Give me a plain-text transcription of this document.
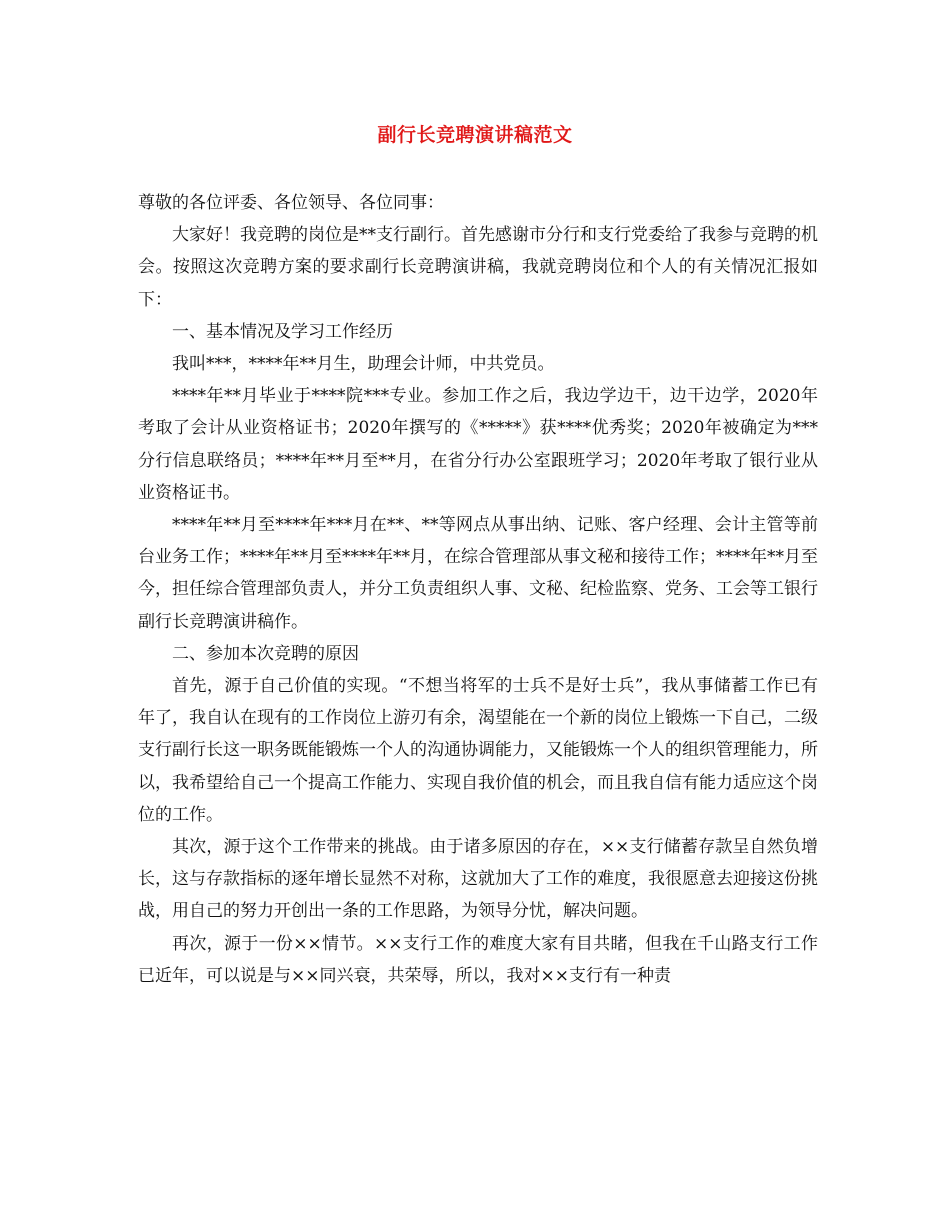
副行长竞聘演讲稿范文

尊敬的各位评委、各位领导、各位同事：

大家好！我竞聘的岗位是**支行副行。首先感谢市分行和支行党委给了我参与竞聘的机会。按照这次竞聘方案的要求副行长竞聘演讲稿，我就竞聘岗位和个人的有关情况汇报如下：

一、基本情况及学习工作经历

我叫***，****年**月生，助理会计师，中共党员。

****年**月毕业于****院***专业。参加工作之后，我边学边干，边干边学，2020年考取了会计从业资格证书；2020年撰写的《*****》获****优秀奖；2020年被确定为***分行信息联络员；****年**月至**月，在省分行办公室跟班学习；2020年考取了银行业从业资格证书。

****年**月至****年***月在**、**等网点从事出纳、记账、客户经理、会计主管等前台业务工作；****年**月至****年**月，在综合管理部从事文秘和接待工作；****年**月至今，担任综合管理部负责人，并分工负责组织人事、文秘、纪检监察、党务、工会等工银行副行长竞聘演讲稿作。

二、参加本次竞聘的原因

首先，源于自己价值的实现。“不想当将军的士兵不是好士兵”，我从事储蓄工作已有年了，我自认在现有的工作岗位上游刃有余，渴望能在一个新的岗位上锻炼一下自己，二级支行副行长这一职务既能锻炼一个人的沟通协调能力，又能锻炼一个人的组织管理能力，所以，我希望给自己一个提高工作能力、实现自我价值的机会，而且我自信有能力适应这个岗位的工作。

其次，源于这个工作带来的挑战。由于诸多原因的存在，××支行储蓄存款呈自然负增长，这与存款指标的逐年增长显然不对称，这就加大了工作的难度，我很愿意去迎接这份挑战，用自己的努力开创出一条的工作思路，为领导分忧，解决问题。

再次，源于一份××情节。××支行工作的难度大家有目共睹，但我在千山路支行工作已近年，可以说是与××同兴衰，共荣辱，所以，我对××支行有一种责
